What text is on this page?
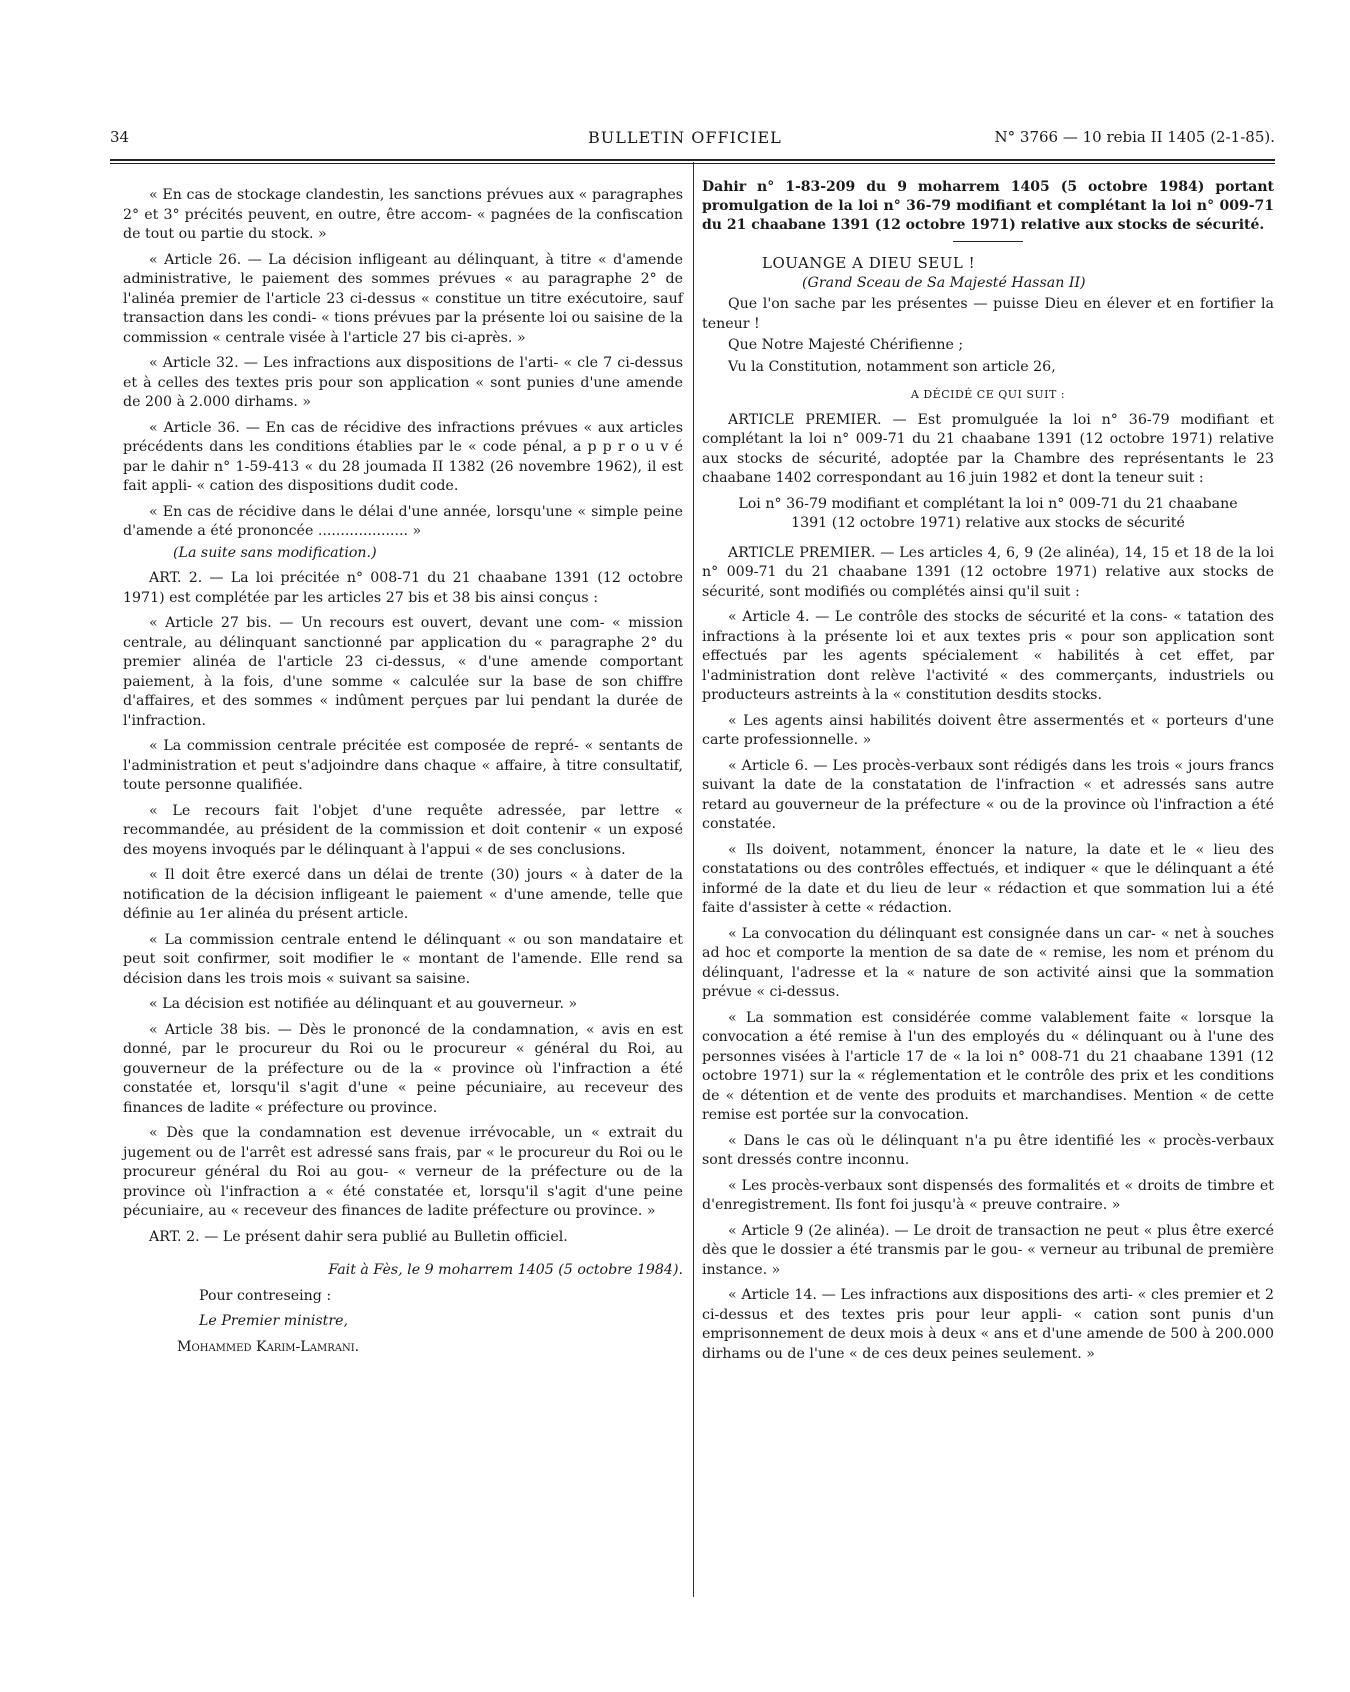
34	BULLETIN OFFICIEL	N° 3766 — 10 rebia II 1405 (2-1-85).

« En cas de stockage clandestin, les sanctions prévues aux « paragraphes 2° et 3° précités peuvent, en outre, être accom- « pagnées de la confiscation de tout ou partie du stock. »

« Article 26. — La décision infligeant au délinquant, à titre « d'amende administrative, le paiement des sommes prévues « au paragraphe 2° de l'alinéa premier de l'article 23 ci-dessus « constitue un titre exécutoire, sauf transaction dans les condi- « tions prévues par la présente loi ou saisine de la commission « centrale visée à l'article 27 bis ci-après. »

« Article 32. — Les infractions aux dispositions de l'arti- « cle 7 ci-dessus et à celles des textes pris pour son application « sont punies d'une amende de 200 à 2.000 dirhams. »

« Article 36. — En cas de récidive des infractions prévues « aux articles précédents dans les conditions établies par le « code pénal, a p p r o u v é par le dahir n° 1-59-413 « du 28 joumada II 1382 (26 novembre 1962), il est fait appli- « cation des dispositions dudit code.

« En cas de récidive dans le délai d'une année, lorsqu'une « simple peine d'amende a été prononcée .................... »

(La suite sans modification.)

ART. 2. — La loi précitée n° 008-71 du 21 chaabane 1391 (12 octobre 1971) est complétée par les articles 27 bis et 38 bis ainsi conçus :

« Article 27 bis. — Un recours est ouvert, devant une com- « mission centrale, au délinquant sanctionné par application du « paragraphe 2° du premier alinéa de l'article 23 ci-dessus, « d'une amende comportant paiement, à la fois, d'une somme « calculée sur la base de son chiffre d'affaires, et des sommes « indûment perçues par lui pendant la durée de l'infraction.

« La commission centrale précitée est composée de repré- « sentants de l'administration et peut s'adjoindre dans chaque « affaire, à titre consultatif, toute personne qualifiée.

« Le recours fait l'objet d'une requête adressée, par lettre « recommandée, au président de la commission et doit contenir « un exposé des moyens invoqués par le délinquant à l'appui « de ses conclusions.

« Il doit être exercé dans un délai de trente (30) jours « à dater de la notification de la décision infligeant le paiement « d'une amende, telle que définie au 1er alinéa du présent article.

« La commission centrale entend le délinquant « ou son mandataire et peut soit confirmer, soit modifier le « montant de l'amende. Elle rend sa décision dans les trois mois « suivant sa saisine.

« La décision est notifiée au délinquant et au gouverneur. »

« Article 38 bis. — Dès le prononcé de la condamnation, « avis en est donné, par le procureur du Roi ou le procureur « général du Roi, au gouverneur de la préfecture ou de la « province où l'infraction a été constatée et, lorsqu'il s'agit d'une « peine pécuniaire, au receveur des finances de ladite « préfecture ou province.

« Dès que la condamnation est devenue irrévocable, un « extrait du jugement ou de l'arrêt est adressé sans frais, par « le procureur du Roi ou le procureur général du Roi au gou- « verneur de la préfecture ou de la province où l'infraction a « été constatée et, lorsqu'il s'agit d'une peine pécuniaire, au « receveur des finances de ladite préfecture ou province. »

ART. 2. — Le présent dahir sera publié au Bulletin officiel.

Fait à Fès, le 9 moharrem 1405 (5 octobre 1984).

Pour contreseing :

Le Premier ministre,

Mohammed Karim-Lamrani.

Dahir n° 1-83-209 du 9 moharrem 1405 (5 octobre 1984) portant promulgation de la loi n° 36-79 modifiant et complétant la loi n° 009-71 du 21 chaabane 1391 (12 octobre 1971) relative aux stocks de sécurité.

LOUANGE A DIEU SEUL !

(Grand Sceau de Sa Majesté Hassan II)

Que l'on sache par les présentes — puisse Dieu en élever et en fortifier la teneur !

Que Notre Majesté Chérifienne ;

Vu la Constitution, notamment son article 26,

A DÉCIDÉ CE QUI SUIT :

ARTICLE PREMIER. — Est promulguée la loi n° 36-79 modifiant et complétant la loi n° 009-71 du 21 chaabane 1391 (12 octobre 1971) relative aux stocks de sécurité, adoptée par la Chambre des représentants le 23 chaabane 1402 correspondant au 16 juin 1982 et dont la teneur suit :

Loi n° 36-79 modifiant et complétant la loi n° 009-71 du 21 chaabane 1391 (12 octobre 1971) relative aux stocks de sécurité

ARTICLE PREMIER. — Les articles 4, 6, 9 (2e alinéa), 14, 15 et 18 de la loi n° 009-71 du 21 chaabane 1391 (12 octobre 1971) relative aux stocks de sécurité, sont modifiés ou complétés ainsi qu'il suit :

« Article 4. — Le contrôle des stocks de sécurité et la cons- « tatation des infractions à la présente loi et aux textes pris « pour son application sont effectués par les agents spécialement « habilités à cet effet, par l'administration dont relève l'activité « des commerçants, industriels ou producteurs astreints à la « constitution desdits stocks.

« Les agents ainsi habilités doivent être assermentés et « porteurs d'une carte professionnelle. »

« Article 6. — Les procès-verbaux sont rédigés dans les trois « jours francs suivant la date de la constatation de l'infraction « et adressés sans autre retard au gouverneur de la préfecture « ou de la province où l'infraction a été constatée.

« Ils doivent, notamment, énoncer la nature, la date et le « lieu des constatations ou des contrôles effectués, et indiquer « que le délinquant a été informé de la date et du lieu de leur « rédaction et que sommation lui a été faite d'assister à cette « rédaction.

« La convocation du délinquant est consignée dans un car- « net à souches ad hoc et comporte la mention de sa date de « remise, les nom et prénom du délinquant, l'adresse et la « nature de son activité ainsi que la sommation prévue « ci-dessus.

« La sommation est considérée comme valablement faite « lorsque la convocation a été remise à l'un des employés du « délinquant ou à l'une des personnes visées à l'article 17 de « la loi n° 008-71 du 21 chaabane 1391 (12 octobre 1971) sur la « réglementation et le contrôle des prix et les conditions de « détention et de vente des produits et marchandises. Mention « de cette remise est portée sur la convocation.

« Dans le cas où le délinquant n'a pu être identifié les « procès-verbaux sont dressés contre inconnu.

« Les procès-verbaux sont dispensés des formalités et « droits de timbre et d'enregistrement. Ils font foi jusqu'à « preuve contraire. »

« Article 9 (2e alinéa). — Le droit de transaction ne peut « plus être exercé dès que le dossier a été transmis par le gou- « verneur au tribunal de première instance. »

« Article 14. — Les infractions aux dispositions des arti- « cles premier et 2 ci-dessus et des textes pris pour leur appli- « cation sont punis d'un emprisonnement de deux mois à deux « ans et d'une amende de 500 à 200.000 dirhams ou de l'une « de ces deux peines seulement. »
